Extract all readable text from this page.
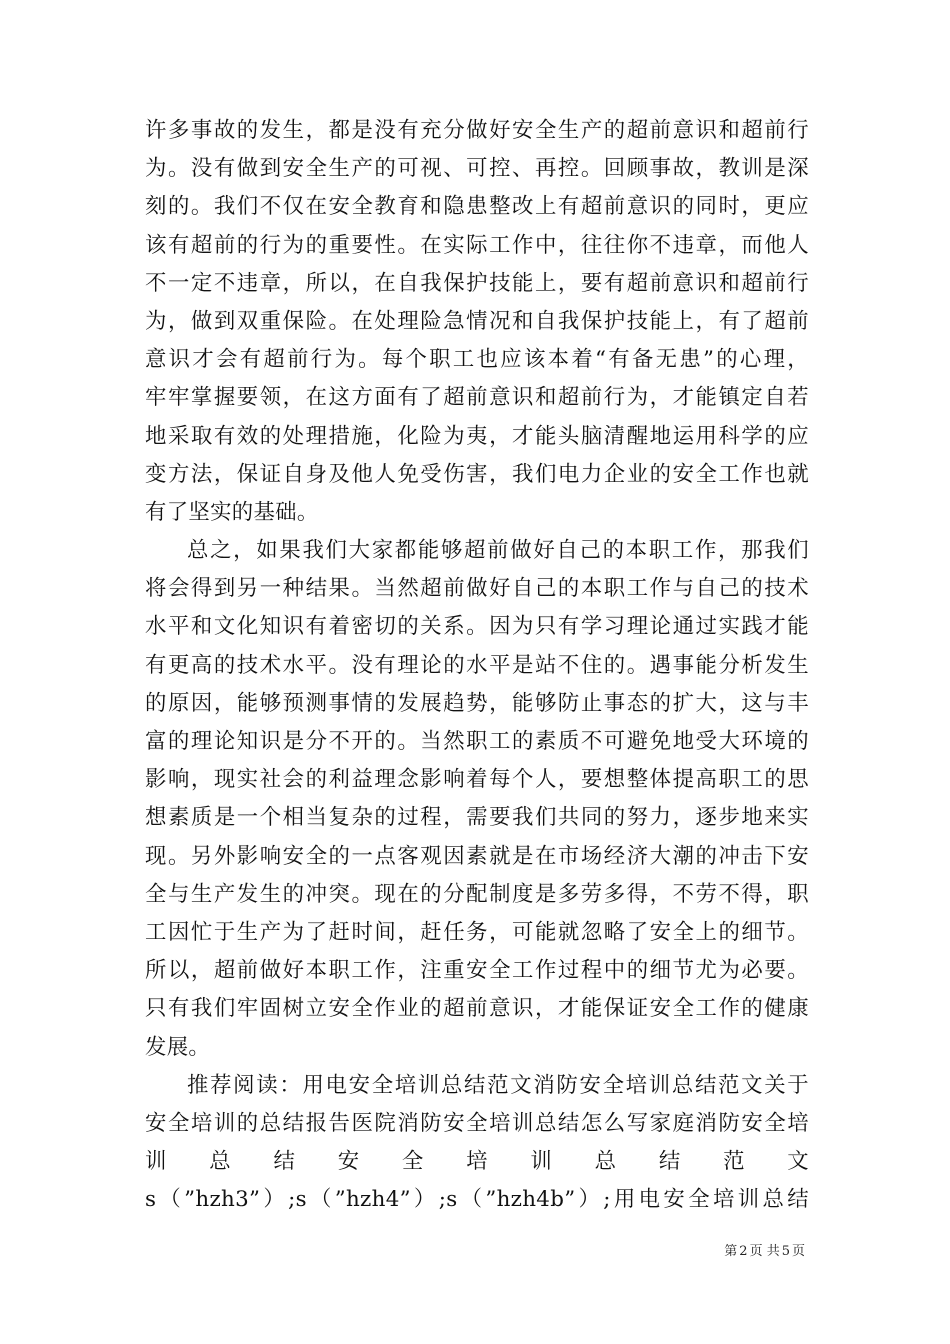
许多事故的发生，都是没有充分做好安全生产的超前意识和超前行
为。没有做到安全生产的可视、可控、再控。回顾事故，教训是深
刻的。我们不仅在安全教育和隐患整改上有超前意识的同时，更应
该有超前的行为的重要性。在实际工作中，往往你不违章，而他人
不一定不违章，所以，在自我保护技能上，要有超前意识和超前行
为，做到双重保险。在处理险急情况和自我保护技能上，有了超前
意识才会有超前行为。每个职工也应该本着“有备无患”的心理，
牢牢掌握要领，在这方面有了超前意识和超前行为，才能镇定自若
地采取有效的处理措施，化险为夷，才能头脑清醒地运用科学的应
变方法，保证自身及他人免受伤害，我们电力企业的安全工作也就
有了坚实的基础。
总之，如果我们大家都能够超前做好自己的本职工作，那我们
将会得到另一种结果。当然超前做好自己的本职工作与自己的技术
水平和文化知识有着密切的关系。因为只有学习理论通过实践才能
有更高的技术水平。没有理论的水平是站不住的。遇事能分析发生
的原因，能够预测事情的发展趋势，能够防止事态的扩大，这与丰
富的理论知识是分不开的。当然职工的素质不可避免地受大环境的
影响，现实社会的利益理念影响着每个人，要想整体提高职工的思
想素质是一个相当复杂的过程，需要我们共同的努力，逐步地来实
现。另外影响安全的一点客观因素就是在市场经济大潮的冲击下安
全与生产发生的冲突。现在的分配制度是多劳多得，不劳不得，职
工因忙于生产为了赶时间，赶任务，可能就忽略了安全上的细节。
所以，超前做好本职工作，注重安全工作过程中的细节尤为必要。
只有我们牢固树立安全作业的超前意识，才能保证安全工作的健康
发展。
推荐阅读：用电安全培训总结范文消防安全培训总结范文关于
安全培训的总结报告医院消防安全培训总结怎么写家庭消防安全培
训　总　结　安　全　培　训　总　结　范　文
s（”hzh3”）;s（”hzh4”）;s（”hzh4b”）;用电安全培训总结
第 2 页 共 5 页
